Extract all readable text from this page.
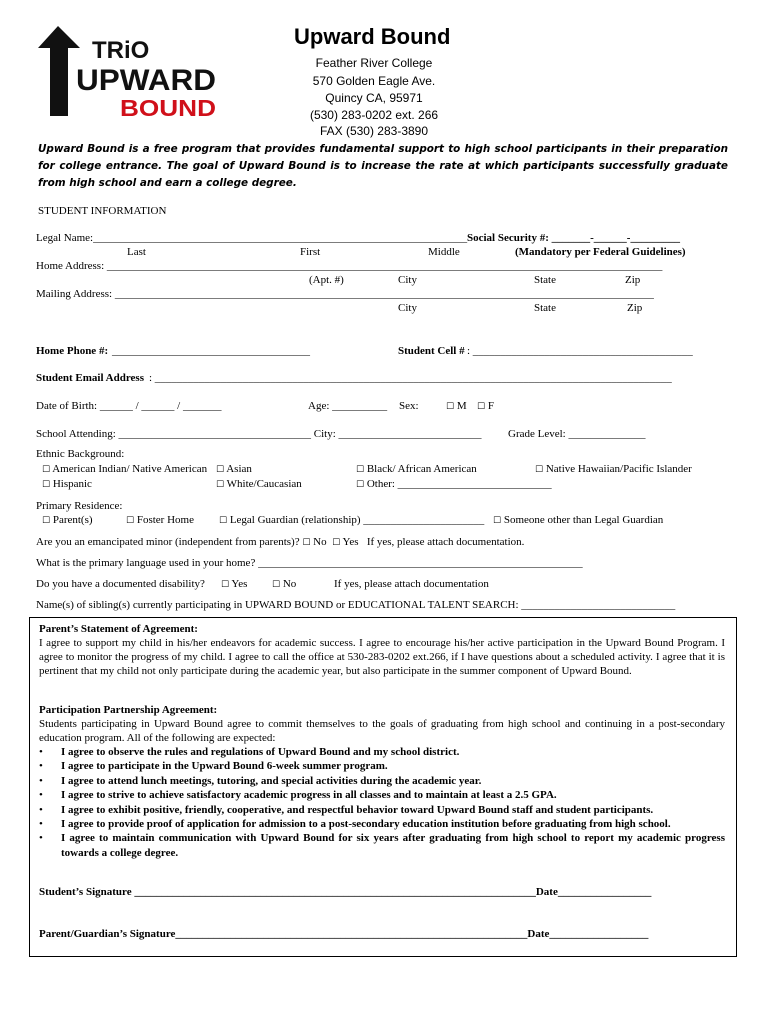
TRiO
UPWARD
BOUND
Upward Bound
Feather River College
570 Golden Eagle Ave.
Quincy CA, 95971
(530) 283-0202 ext. 266
FAX (530) 283-3890
Upward Bound is a free program that provides fundamental support to high school participants in their preparation for college entrance. The goal of Upward Bound is to increase the rate at which participants successfully graduate from high school and earn a college degree.
STUDENT INFORMATION
Legal Name:____________________________________________________________________ Social Security #: _______-______-_________
Last	First	Middle	(Mandatory per Federal Guidelines)
Home Address: _____________________________________________________________________________________________________
(Apt. #)	City	State	Zip
Mailing Address: __________________________________________________________________________________________________
City	State	Zip
Home Phone #: ____________________________________	Student Cell # : ________________________________________
Student Email Address : ______________________________________________________________________________________________
Date of Birth: ______ / ______ / _______	Age: __________ Sex:	☐ M ☐ F
School Attending: ___________________________________ City: __________________________ Grade Level: ______________
Ethnic Background:
☐ American Indian/ Native American ☐ Asian	☐ Black/ African American	☐ Native Hawaiian/Pacific Islander
☐ Hispanic	☐ White/Caucasian	☐ Other: ____________________________
Primary Residence:
☐ Parent(s)	☐ Foster Home	☐ Legal Guardian (relationship) ______________________ ☐ Someone other than Legal Guardian
Are you an emancipated minor (independent from parents)? ☐ No ☐ Yes If yes, please attach documentation.
What is the primary language used in your home? ___________________________________________________________
Do you have a documented disability? ☐ Yes	☐ No	If yes, please attach documentation
Name(s) of sibling(s) currently participating in UPWARD BOUND or EDUCATIONAL TALENT SEARCH: ____________________________
Parent’s Statement of Agreement:
I agree to support my child in his/her endeavors for academic success. I agree to encourage his/her active participation in the Upward Bound Program. I agree to monitor the progress of my child. I agree to call the office at 530-283-0202 ext.266, if I have questions about a scheduled activity. I agree that it is pertinent that my child not only participate during the academic year, but also participate in the summer component of Upward Bound.
Participation Partnership Agreement:
Students participating in Upward Bound agree to commit themselves to the goals of graduating from high school and continuing in a post-secondary education program. All of the following are expected:
• I agree to observe the rules and regulations of Upward Bound and my school district.
• I agree to participate in the Upward Bound 6-week summer program.
• I agree to attend lunch meetings, tutoring, and special activities during the academic year.
• I agree to strive to achieve satisfactory academic progress in all classes and to maintain at least a 2.5 GPA.
• I agree to exhibit positive, friendly, cooperative, and respectful behavior toward Upward Bound staff and student participants.
• I agree to provide proof of application for admission to a post-secondary education institution before graduating from high school.
• I agree to maintain communication with Upward Bound for six years after graduating from high school to report my academic progress towards a college degree.
Student’s Signature _________________________________________________________________________Date_________________
Parent/Guardian’s Signature________________________________________________________________Date__________________
